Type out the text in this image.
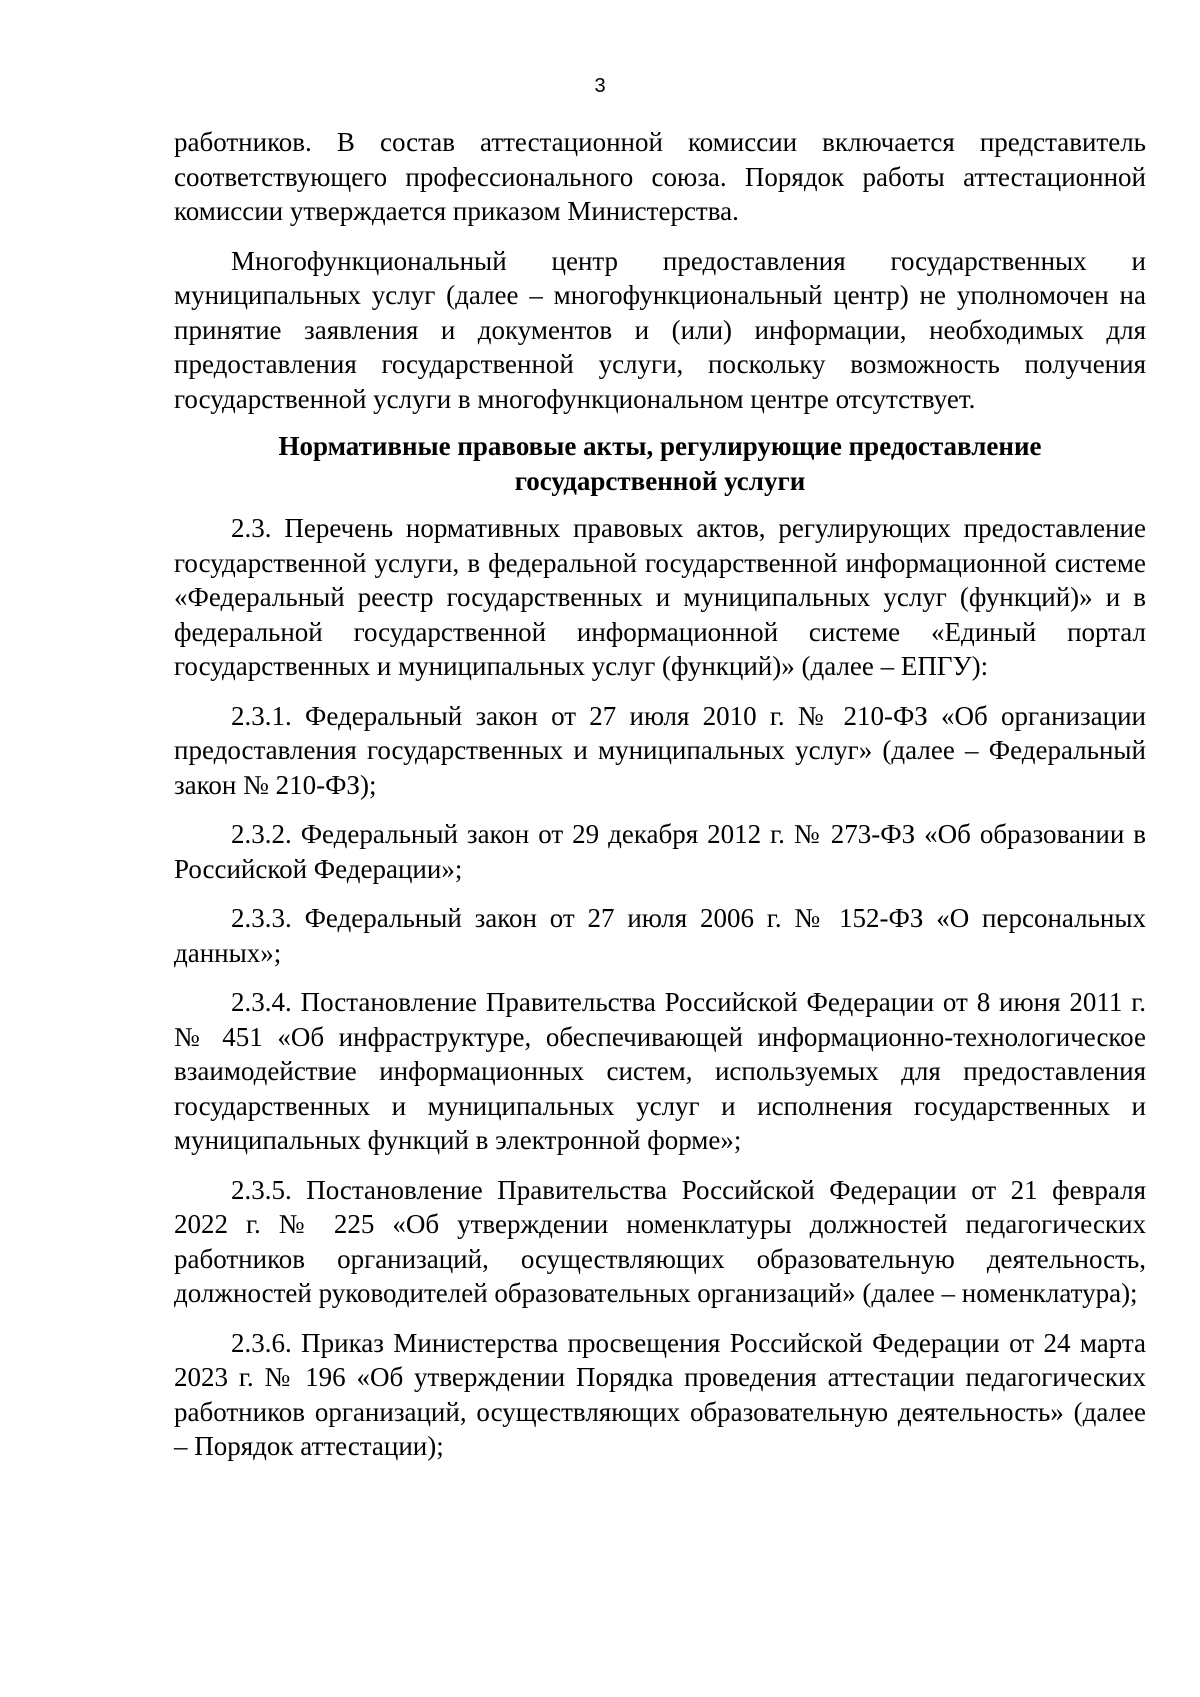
3

работников. В состав аттестационной комиссии включается представитель соответствующего профессионального союза. Порядок работы аттестационной комиссии утверждается приказом Министерства.

Многофункциональный центр предоставления государственных и муниципальных услуг (далее – многофункциональный центр) не уполномочен на принятие заявления и документов и (или) информации, необходимых для предоставления государственной услуги, поскольку возможность получения государственной услуги в многофункциональном центре отсутствует.

Нормативные правовые акты, регулирующие предоставление
государственной услуги

2.3. Перечень нормативных правовых актов, регулирующих предоставление государственной услуги, в федеральной государственной информационной системе «Федеральный реестр государственных и муниципальных услуг (функций)» и в федеральной государственной информационной системе «Единый портал государственных и муниципальных услуг (функций)» (далее – ЕПГУ):

2.3.1. Федеральный закон от 27 июля 2010 г. № 210-ФЗ «Об организации предоставления государственных и муниципальных услуг» (далее – Федеральный закон № 210-ФЗ);

2.3.2. Федеральный закон от 29 декабря 2012 г. № 273-ФЗ «Об образовании в Российской Федерации»;

2.3.3. Федеральный закон от 27 июля 2006 г. № 152-ФЗ «О персональных данных»;

2.3.4. Постановление Правительства Российской Федерации от 8 июня 2011 г. № 451 «Об инфраструктуре, обеспечивающей информационно-технологическое взаимодействие информационных систем, используемых для предоставления государственных и муниципальных услуг и исполнения государственных и муниципальных функций в электронной форме»;

2.3.5. Постановление Правительства Российской Федерации от 21 февраля 2022 г. № 225 «Об утверждении номенклатуры должностей педагогических работников организаций, осуществляющих образовательную деятельность, должностей руководителей образовательных организаций» (далее – номенклатура);

2.3.6. Приказ Министерства просвещения Российской Федерации от 24 марта 2023 г. № 196 «Об утверждении Порядка проведения аттестации педагогических работников организаций, осуществляющих образовательную деятельность» (далее – Порядок аттестации);
